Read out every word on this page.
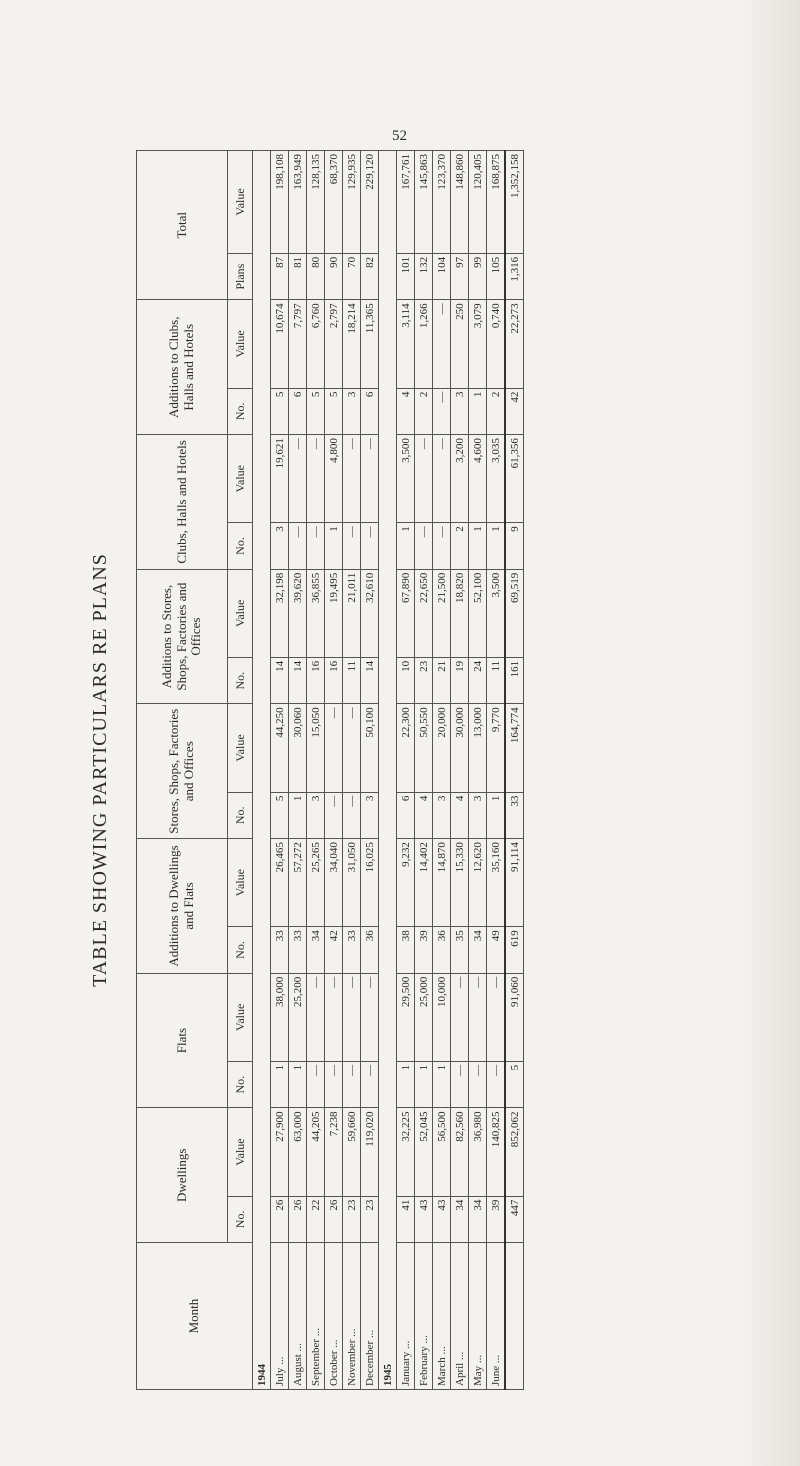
52
TABLE SHOWING PARTICULARS RE PLANS
Month	Dwellings		Flats		Additions to Dwellings and Flats		Stores, Shops, Factories and Offices		Additions to Stores, Shops, Factories and Offices		Clubs, Halls and Hotels		Additions to Clubs, Halls and Hotels		Total	
	No.	Value	No.	Value	No.	Value	No.	Value	No.	Value	No.	Value	No.	Value	Plans	Value
1944																
July ...	26	27,900	1	38,000	33	26,465	5	44,250	14	32,198	3	19,621	5	10,674	87	198,108
August ...	26	63,000	1	25,200	33	57,272	1	30,060	14	39,620	—	—	6	7,797	81	163,949
September ...	22	44,205	—	—	34	25,265	3	15,050	16	36,855	—	—	5	6,760	80	128,135
October ...	26	7,238	—	—	42	34,040	—	—	16	19,495	1	4,800	5	2,797	90	68,370
November ...	23	59,660	—	—	33	31,050	—	—	11	21,011	—	—	3	18,214	70	129,935
December ...	23	119,020	—	—	36	16,025	3	50,100	14	32,610	—	—	6	11,365	82	229,120
1945																
January ...	41	32,225	1	29,500	38	9,232	6	22,300	10	67,890	1	3,500	4	3,114	101	167,761
February ...	43	52,045	1	25,000	39	14,402	4	50,550	23	22,650	—	—	2	1,266	132	145,863
March ...	43	56,500	1	10,000	36	14,870	3	20,000	21	21,500	—	—	—	—	104	123,370
April ...	34	82,560	—	—	35	15,330	4	30,000	19	18,820	2	3,200	3	250	97	148,860
May ...	34	36,980	—	—	34	12,620	3	13,000	24	52,100	1	4,600	1	3,079	99	120,405
June ...	39	140,825	—	—	49	35,160	1	9,770	11	3,500	1	3,035	2	0,740	105	168,875
	447	852,062	5	91,060	619	91,114	33	164,774	161	69,519	9	61,356	42	22,273	1,316	1,352,158
